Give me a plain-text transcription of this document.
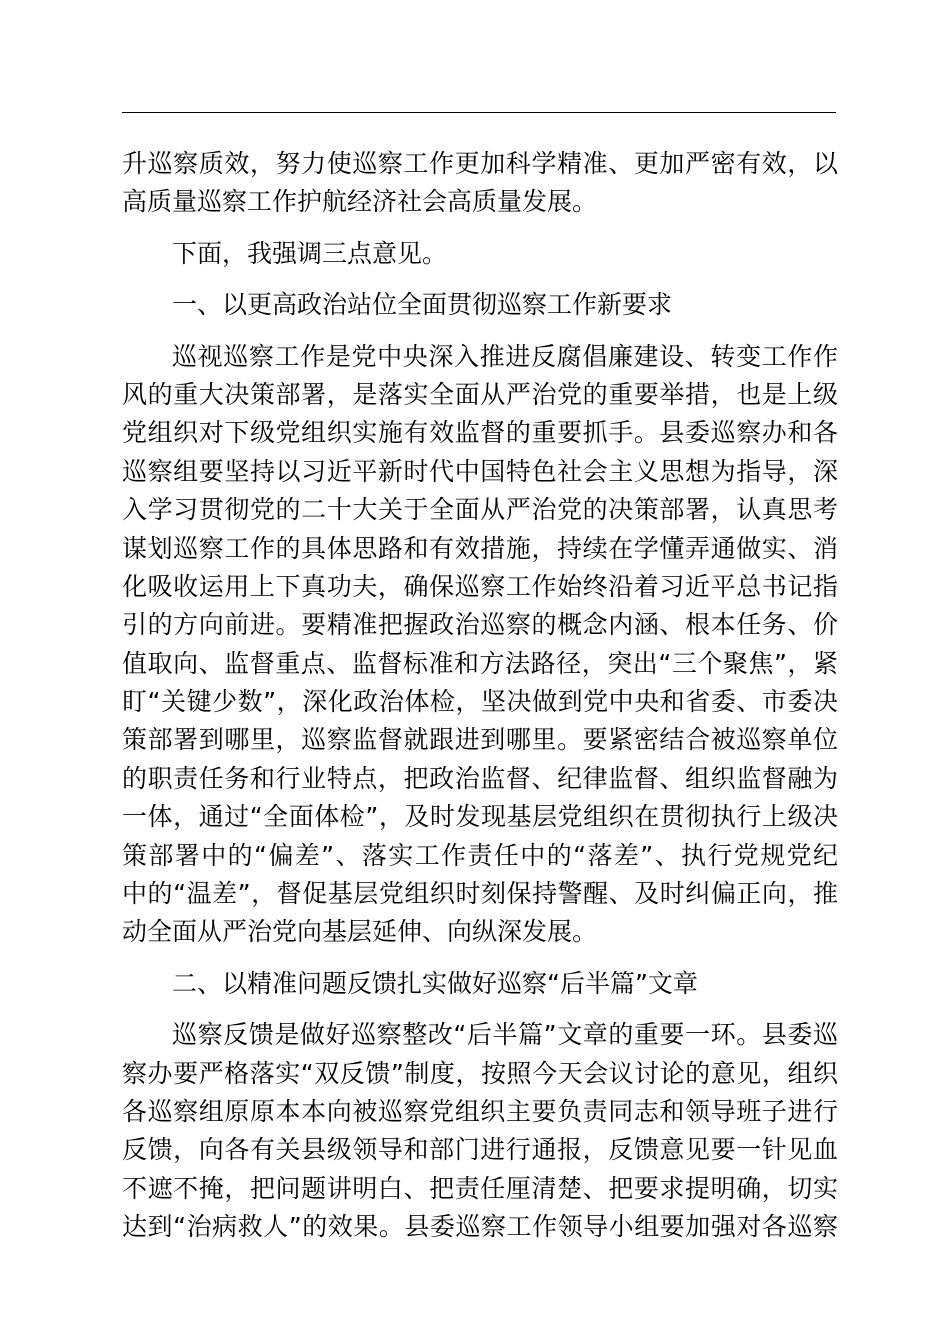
升巡察质效，努力使巡察工作更加科学精准、更加严密有效，以
高质量巡察工作护航经济社会高质量发展。
下面，我强调三点意见。
一、以更高政治站位全面贯彻巡察工作新要求
巡视巡察工作是党中央深入推进反腐倡廉建设、转变工作作
风的重大决策部署，是落实全面从严治党的重要举措，也是上级
党组织对下级党组织实施有效监督的重要抓手。县委巡察办和各
巡察组要坚持以习近平新时代中国特色社会主义思想为指导，深
入学习贯彻党的二十大关于全面从严治党的决策部署，认真思考
谋划巡察工作的具体思路和有效措施，持续在学懂弄通做实、消
化吸收运用上下真功夫，确保巡察工作始终沿着习近平总书记指
引的方向前进。要精准把握政治巡察的概念内涵、根本任务、价
值取向、监督重点、监督标准和方法路径，突出“三个聚焦”，紧
盯“关键少数”，深化政治体检，坚决做到党中央和省委、市委决
策部署到哪里，巡察监督就跟进到哪里。要紧密结合被巡察单位
的职责任务和行业特点，把政治监督、纪律监督、组织监督融为
一体，通过“全面体检”，及时发现基层党组织在贯彻执行上级决
策部署中的“偏差”、落实工作责任中的“落差”、执行党规党纪
中的“温差”，督促基层党组织时刻保持警醒、及时纠偏正向，推
动全面从严治党向基层延伸、向纵深发展。
二、以精准问题反馈扎实做好巡察“后半篇”文章
巡察反馈是做好巡察整改“后半篇”文章的重要一环。县委巡
察办要严格落实“双反馈”制度，按照今天会议讨论的意见，组织
各巡察组原原本本向被巡察党组织主要负责同志和领导班子进行
反馈，向各有关县级领导和部门进行通报，反馈意见要一针见血
不遮不掩，把问题讲明白、把责任厘清楚、把要求提明确，切实
达到“治病救人”的效果。县委巡察工作领导小组要加强对各巡察
